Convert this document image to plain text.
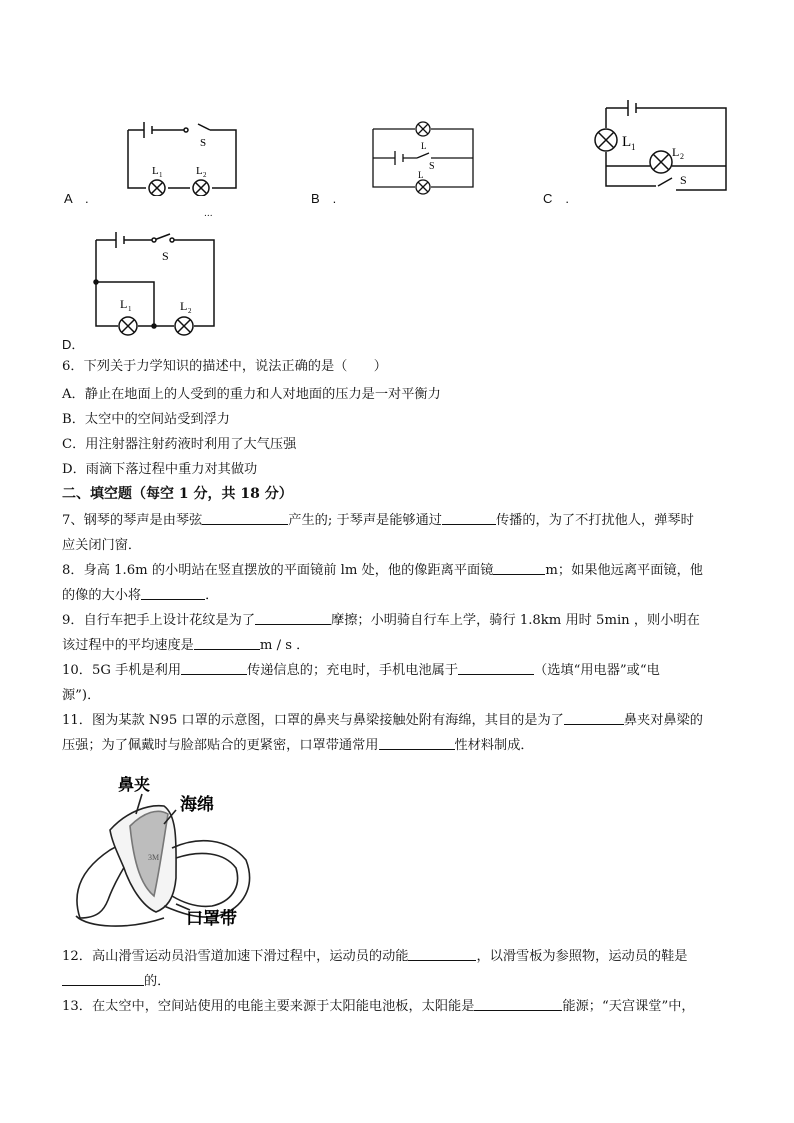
S
L 1	L 2
A　.
L
S
L
B　.
L 1	L 2
S
C　.
...
S
L 1	L 2
D．
6．下列关于力学知识的描述中，说法正确的是（　　）
A．静止在地面上的人受到的重力和人对地面的压力是一对平衡力
B．太空中的空间站受到浮力
C．用注射器注射药液时利用了大气压强
D．雨滴下落过程中重力对其做功
二、填空题（每空 1 分，共 18 分）
7、钢琴的琴声是由琴弦	产生的; 于琴声是能够通过	传播的，为了不打扰他人，弹琴时
应关闭门窗．
8．身高 1.6m 的小明站在竖直摆放的平面镜前 lm 处，他的像距离平面镜	m；如果他远离平面镜，他
的像的大小将	．
9．自行车把手上设计花纹是为了	摩擦；小明骑自行车上学，骑行 1.8km 用时 5min ，则小明在
该过程中的平均速度是	m / s ．
10．5G 手机是利用	传递信息的；充电时，手机电池属于	（选填“用电器”或“电
源”)．
11．图为某款 N95 口罩的示意图，口罩的鼻夹与鼻梁接触处附有海绵，其目的是为了	鼻夹对鼻梁的
压强；为了佩戴时与脸部贴合的更紧密，口罩带通常用	性材料制成．
鼻夹
海绵
口罩带
3M
12．高山滑雪运动员沿雪道加速下滑过程中，运动员的动能	，以滑雪板为参照物，运动员的鞋是
的．
13．在太空中，空间站使用的电能主要来源于太阳能电池板，太阳能是	能源；“天宫课堂”中，
